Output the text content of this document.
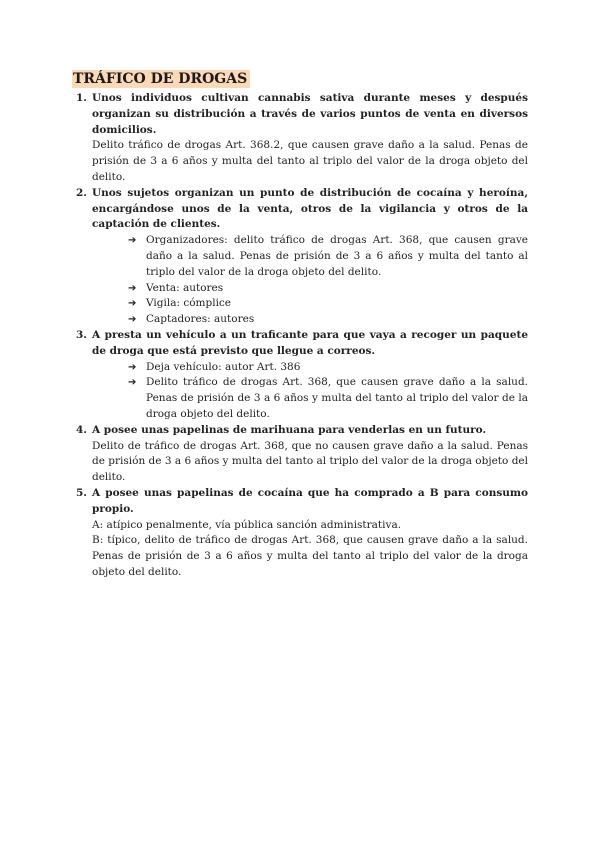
TRÁFICO DE DROGAS
1. Unos individuos cultivan cannabis sativa durante meses y después organizan su distribución a través de varios puntos de venta en diversos domicilios.

Delito tráfico de drogas Art. 368.2, que causen grave daño a la salud. Penas de prisión de 3 a 6 años y multa del tanto al triplo del valor de la droga objeto del delito.

2. Unos sujetos organizan un punto de distribución de cocaína y heroína, encargándose unos de la venta, otros de la vigilancia y otros de la captación de clientes.

➔ Organizadores: delito tráfico de drogas Art. 368, que causen grave daño a la salud. Penas de prisión de 3 a 6 años y multa del tanto al triplo del valor de la droga objeto del delito.
➔ Venta: autores
➔ Vigila: cómplice
➔ Captadores: autores
3. A presta un vehículo a un traficante para que vaya a recoger un paquete de droga que está previsto que llegue a correos.

➔ Deja vehículo: autor Art. 386
➔ Delito tráfico de drogas Art. 368, que causen grave daño a la salud. Penas de prisión de 3 a 6 años y multa del tanto al triplo del valor de la droga objeto del delito.
4. A posee unas papelinas de marihuana para venderlas en un futuro.

Delito de tráfico de drogas Art. 368, que no causen grave daño a la salud. Penas de prisión de 3 a 6 años y multa del tanto al triplo del valor de la droga objeto del delito.

5. A posee unas papelinas de cocaína que ha comprado a B para consumo propio.

A: atípico penalmente, vía pública sanción administrativa.

B: típico, delito de tráfico de drogas Art. 368, que causen grave daño a la salud. Penas de prisión de 3 a 6 años y multa del tanto al triplo del valor de la droga objeto del delito.
